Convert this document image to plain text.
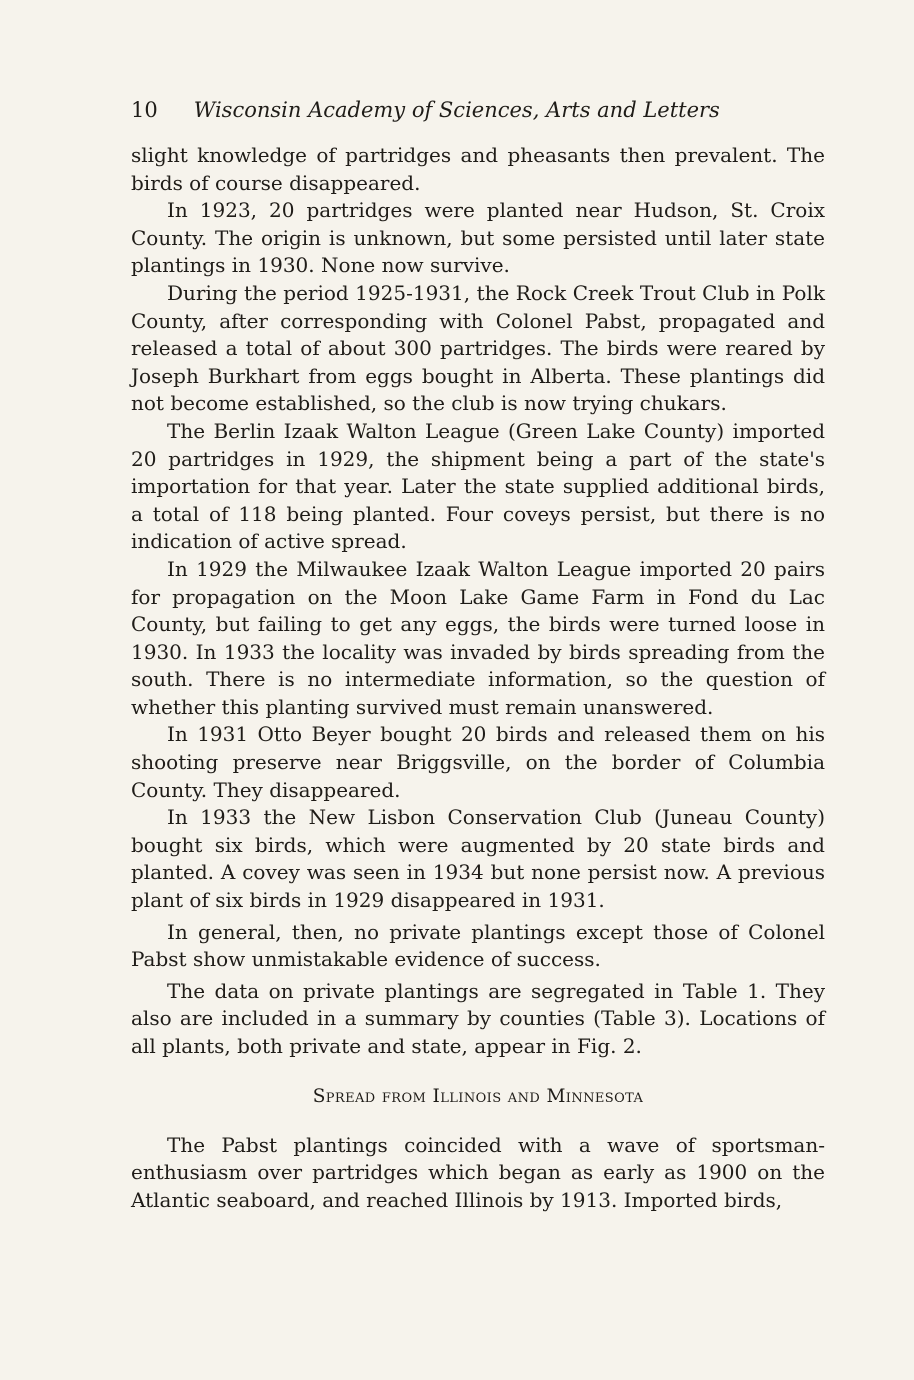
10 Wisconsin Academy of Sciences, Arts and Letters

slight knowledge of partridges and pheasants then prevalent. The birds of course disappeared.

In 1923, 20 partridges were planted near Hudson, St. Croix County. The origin is unknown, but some persisted until later state plantings in 1930. None now survive.

During the period 1925-1931, the Rock Creek Trout Club in Polk County, after corresponding with Colonel Pabst, propagated and released a total of about 300 partridges. The birds were reared by Joseph Burkhart from eggs bought in Alberta. These plantings did not become established, so the club is now trying chukars.

The Berlin Izaak Walton League (Green Lake County) imported 20 partridges in 1929, the shipment being a part of the state's importation for that year. Later the state supplied additional birds, a total of 118 being planted. Four coveys persist, but there is no indication of active spread.

In 1929 the Milwaukee Izaak Walton League imported 20 pairs for propagation on the Moon Lake Game Farm in Fond du Lac County, but failing to get any eggs, the birds were turned loose in 1930. In 1933 the locality was invaded by birds spreading from the south. There is no intermediate information, so the question of whether this planting survived must remain unanswered.

In 1931 Otto Beyer bought 20 birds and released them on his shooting preserve near Briggsville, on the border of Columbia County. They disappeared.

In 1933 the New Lisbon Conservation Club (Juneau County) bought six birds, which were augmented by 20 state birds and planted. A covey was seen in 1934 but none persist now. A previous plant of six birds in 1929 disappeared in 1931.

In general, then, no private plantings except those of Colonel Pabst show unmistakable evidence of success.

The data on private plantings are segregated in Table 1. They also are included in a summary by counties (Table 3). Locations of all plants, both private and state, appear in Fig. 2.

Spread from Illinois and Minnesota

The Pabst plantings coincided with a wave of sportsman-enthusiasm over partridges which began as early as 1900 on the Atlantic seaboard, and reached Illinois by 1913. Imported birds,
